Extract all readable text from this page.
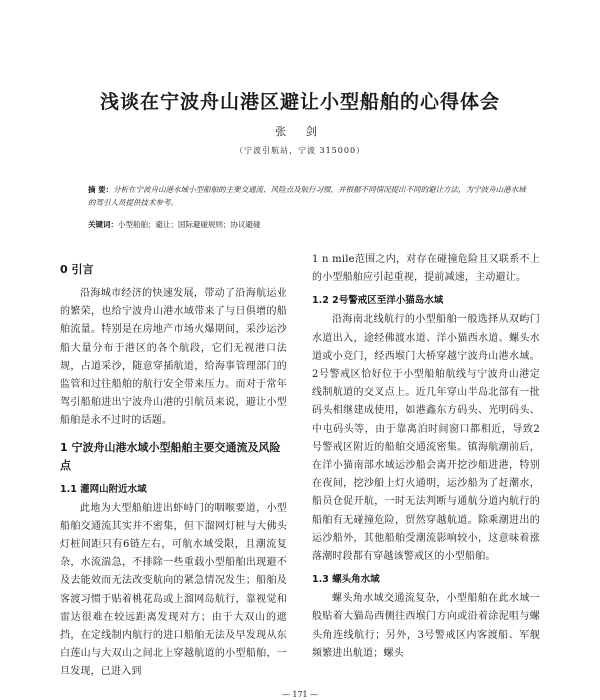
浅谈在宁波舟山港区避让小型船舶的心得体会
张 剑
（宁波引航站，宁波 315000）
摘 要：分析在宁波舟山港水域小型船舶的主要交通流、风险点及航行习惯，并根据不同情况提出不同的避让方法，为宁波舟山港水域的驾引人员提供技术参考。
关键词：小型船舶；避让；国际避碰规则；协议避碰
0 引言

沿海城市经济的快速发展，带动了沿海航运业的繁荣，也给宁波舟山港水域带来了与日俱增的船舶流量。特别是在房地产市场火爆期间，采沙运沙船大量分布于港区的各个航段，它们无视港口法规，占道采沙，随意穿插航道，给海事管理部门的监管和过往船舶的航行安全带来压力。而对于常年驾引船舶进出宁波舟山港的引航员来说，避让小型船舶是永不过时的话题。

1 宁波舟山港水域小型船舶主要交通流及风险点
1.1 灌网山附近水域

此地为大型船舶进出虾峙门的咽喉要道，小型船舶交通流其实并不密集，但下溜网灯桩与大佛头灯桩间距只有6链左右，可航水域受限，且潮流复杂，水流湍急，不排除一些重载小型船舶出现避不及去能效而无法改变航向的紧急情况发生；船舶及客渡习惯于贴着桃花岛或上溜网岛航行，靠视觉和雷达很难在较远距离发现对方；由于大双山的遮挡，在定线制内航行的进口船舶无法及早发现从东白莲山与大双山之间北上穿越航道的小型船舶，一旦发现，已进入到

1 n mile范围之内，对存在碰撞危险且又联系不上的小型船舶应引起重视，提前减速，主动避让。

1.2 2号警戒区至洋小猫岛水域

沿海南北线航行的小型船舶一般选择从双屿门水道出入，途经佛渡水道、洋小猫西水道、螺头水道或小竞门，经西堠门大桥穿越宁波舟山港水域。2号警戒区恰好位于小型船舶航线与宁波舟山港定线制航道的交叉点上。近几年穿山半岛北部有一批码头相继建成使用，如港鑫东方码头、光明码头、中屯码头等，由于靠离泊时间窗口都相近，导致2号警戒区附近的船舶交通流密集。镇海航潮前后，在洋小猫南部水域运沙船会离开挖沙船进港，特别在夜间，挖沙船上灯火通明，运沙船为了赶潮水，船员仓促开航，一时无法判断与通航分道内航行的船舶有无碰撞危险，贸然穿越航道。除乘潮进出的运沙船外，其他船舶受潮流影响较小，这意味着涨落潮时段都有穿越该警戒区的小型船舶。

1.3 螺头角水域

螺头角水域交通流复杂，小型船舶在此水域一般贴着大猫岛西侧往西堠门方向或沿着涂泥咀与螺头角连线航行；另外，3号警戒区内客渡船、军舰频繁进出航道；螺头

— 171 —
